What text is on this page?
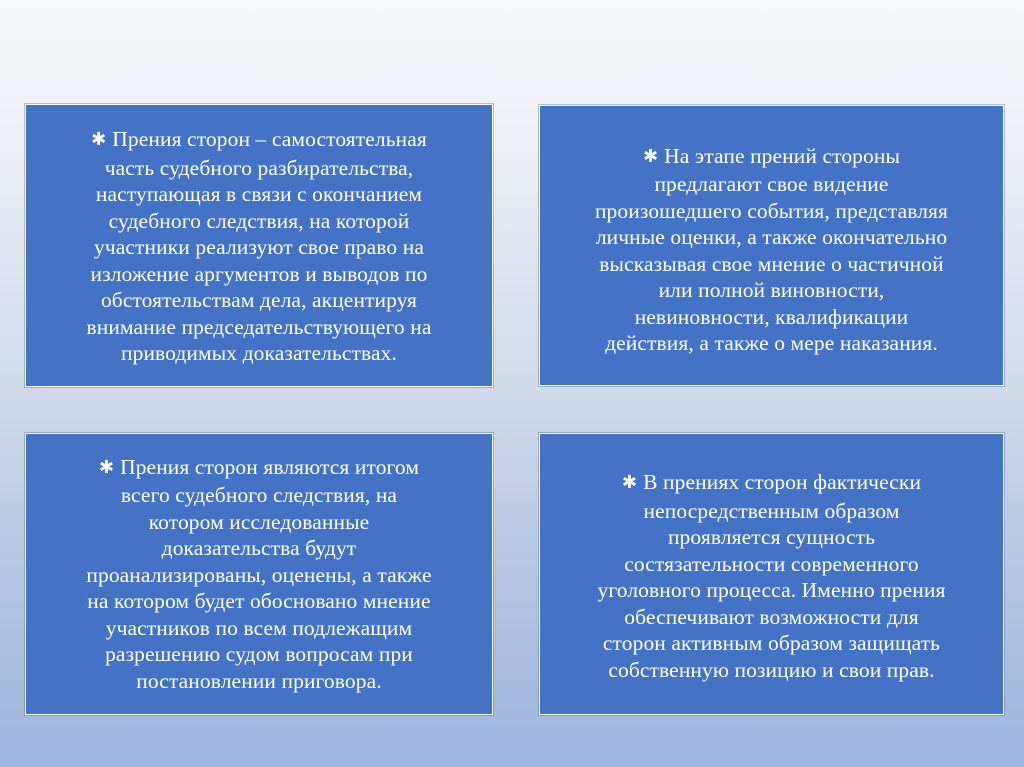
✱ Прения сторон – самостоятельная
часть судебного разбирательства,
наступающая в связи с окончанием
судебного следствия, на которой
участники реализуют свое право на
изложение аргументов и выводов по
обстоятельствам дела, акцентируя
внимание председательствующего на
приводимых доказательствах.

✱ На этапе прений стороны
предлагают свое видение
произошедшего события, представляя
личные оценки, а также окончательно
высказывая свое мнение о частичной
или полной виновности,
невиновности, квалификации
действия, а также о мере наказания.

✱ Прения сторон являются итогом
всего судебного следствия, на
котором исследованные
доказательства будут
проанализированы, оценены, а также
на котором будет обосновано мнение
участников по всем подлежащим
разрешению судом вопросам при
постановлении приговора.

✱ В прениях сторон фактически
непосредственным образом
проявляется сущность
состязательности современного
уголовного процесса. Именно прения
обеспечивают возможности для
сторон активным образом защищать
собственную позицию и свои прав.
